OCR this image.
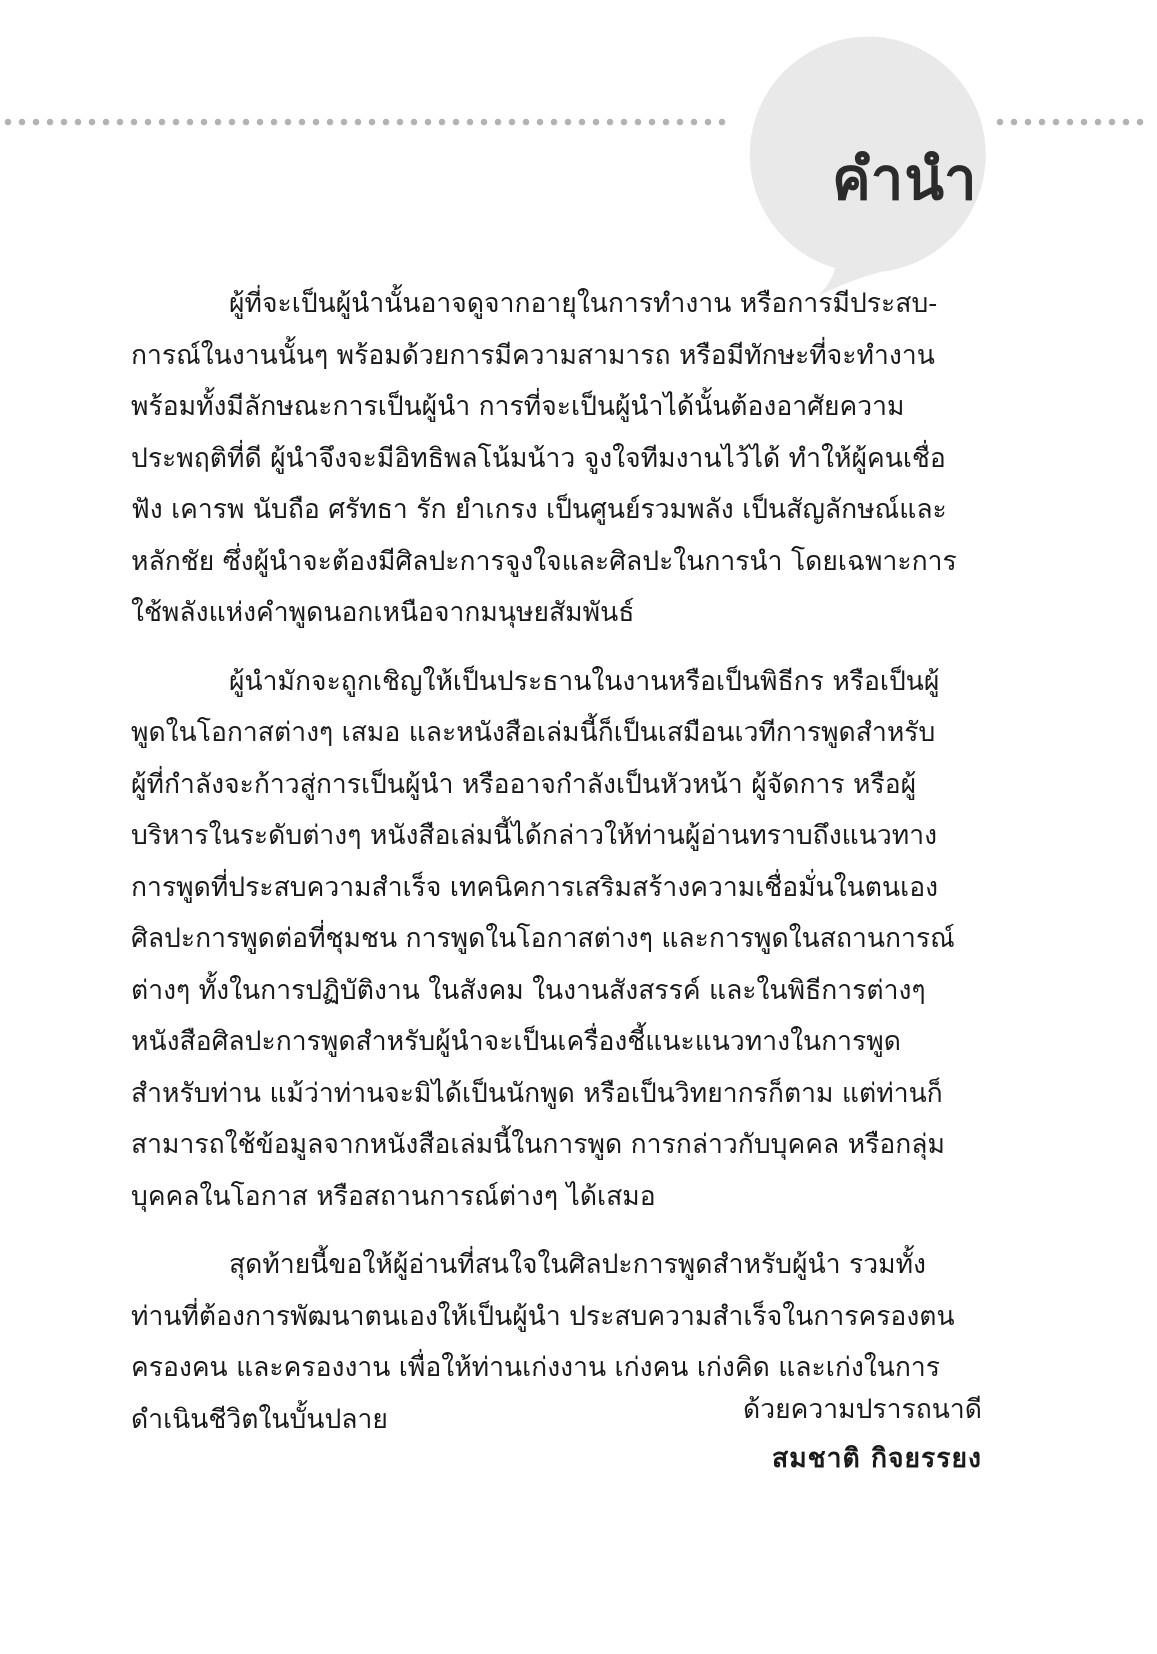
คำนำ
ผู้ที่จะเป็นผู้นำนั้นอาจดูจากอายุในการทำงาน หรือการมีประสบ-
การณ์ในงานนั้นๆ พร้อมด้วยการมีความสามารถ หรือมีทักษะที่จะทำงาน
พร้อมทั้งมีลักษณะการเป็นผู้นำ การที่จะเป็นผู้นำได้นั้นต้องอาศัยความ
ประพฤติที่ดี ผู้นำจึงจะมีอิทธิพลโน้มน้าว จูงใจทีมงานไว้ได้ ทำให้ผู้คนเชื่อ
ฟัง เคารพ นับถือ ศรัทธา รัก ยำเกรง เป็นศูนย์รวมพลัง เป็นสัญลักษณ์และ
หลักชัย ซึ่งผู้นำจะต้องมีศิลปะการจูงใจและศิลปะในการนำ โดยเฉพาะการ
ใช้พลังแห่งคำพูดนอกเหนือจากมนุษยสัมพันธ์
ผู้นำมักจะถูกเชิญให้เป็นประธานในงานหรือเป็นพิธีกร หรือเป็นผู้
พูดในโอกาสต่างๆ เสมอ และหนังสือเล่มนี้ก็เป็นเสมือนเวทีการพูดสำหรับ
ผู้ที่กำลังจะก้าวสู่การเป็นผู้นำ หรืออาจกำลังเป็นหัวหน้า ผู้จัดการ หรือผู้
บริหารในระดับต่างๆ หนังสือเล่มนี้ได้กล่าวให้ท่านผู้อ่านทราบถึงแนวทาง
การพูดที่ประสบความสำเร็จ เทคนิคการเสริมสร้างความเชื่อมั่นในตนเอง
ศิลปะการพูดต่อที่ชุมชน การพูดในโอกาสต่างๆ และการพูดในสถานการณ์
ต่างๆ ทั้งในการปฏิบัติงาน ในสังคม ในงานสังสรรค์ และในพิธีการต่างๆ
หนังสือศิลปะการพูดสำหรับผู้นำจะเป็นเครื่องชี้แนะแนวทางในการพูด
สำหรับท่าน แม้ว่าท่านจะมิได้เป็นนักพูด หรือเป็นวิทยากรก็ตาม แต่ท่านก็
สามารถใช้ข้อมูลจากหนังสือเล่มนี้ในการพูด การกล่าวกับบุคคล หรือกลุ่ม
บุคคลในโอกาส หรือสถานการณ์ต่างๆ ได้เสมอ
สุดท้ายนี้ขอให้ผู้อ่านที่สนใจในศิลปะการพูดสำหรับผู้นำ รวมทั้ง
ท่านที่ต้องการพัฒนาตนเองให้เป็นผู้นำ ประสบความสำเร็จในการครองตน
ครองคน และครองงาน เพื่อให้ท่านเก่งงาน เก่งคน เก่งคิด และเก่งในการ
ดำเนินชีวิตในบั้นปลาย	ด้วยความปรารถนาดี
สมชาติ กิจยรรยง
